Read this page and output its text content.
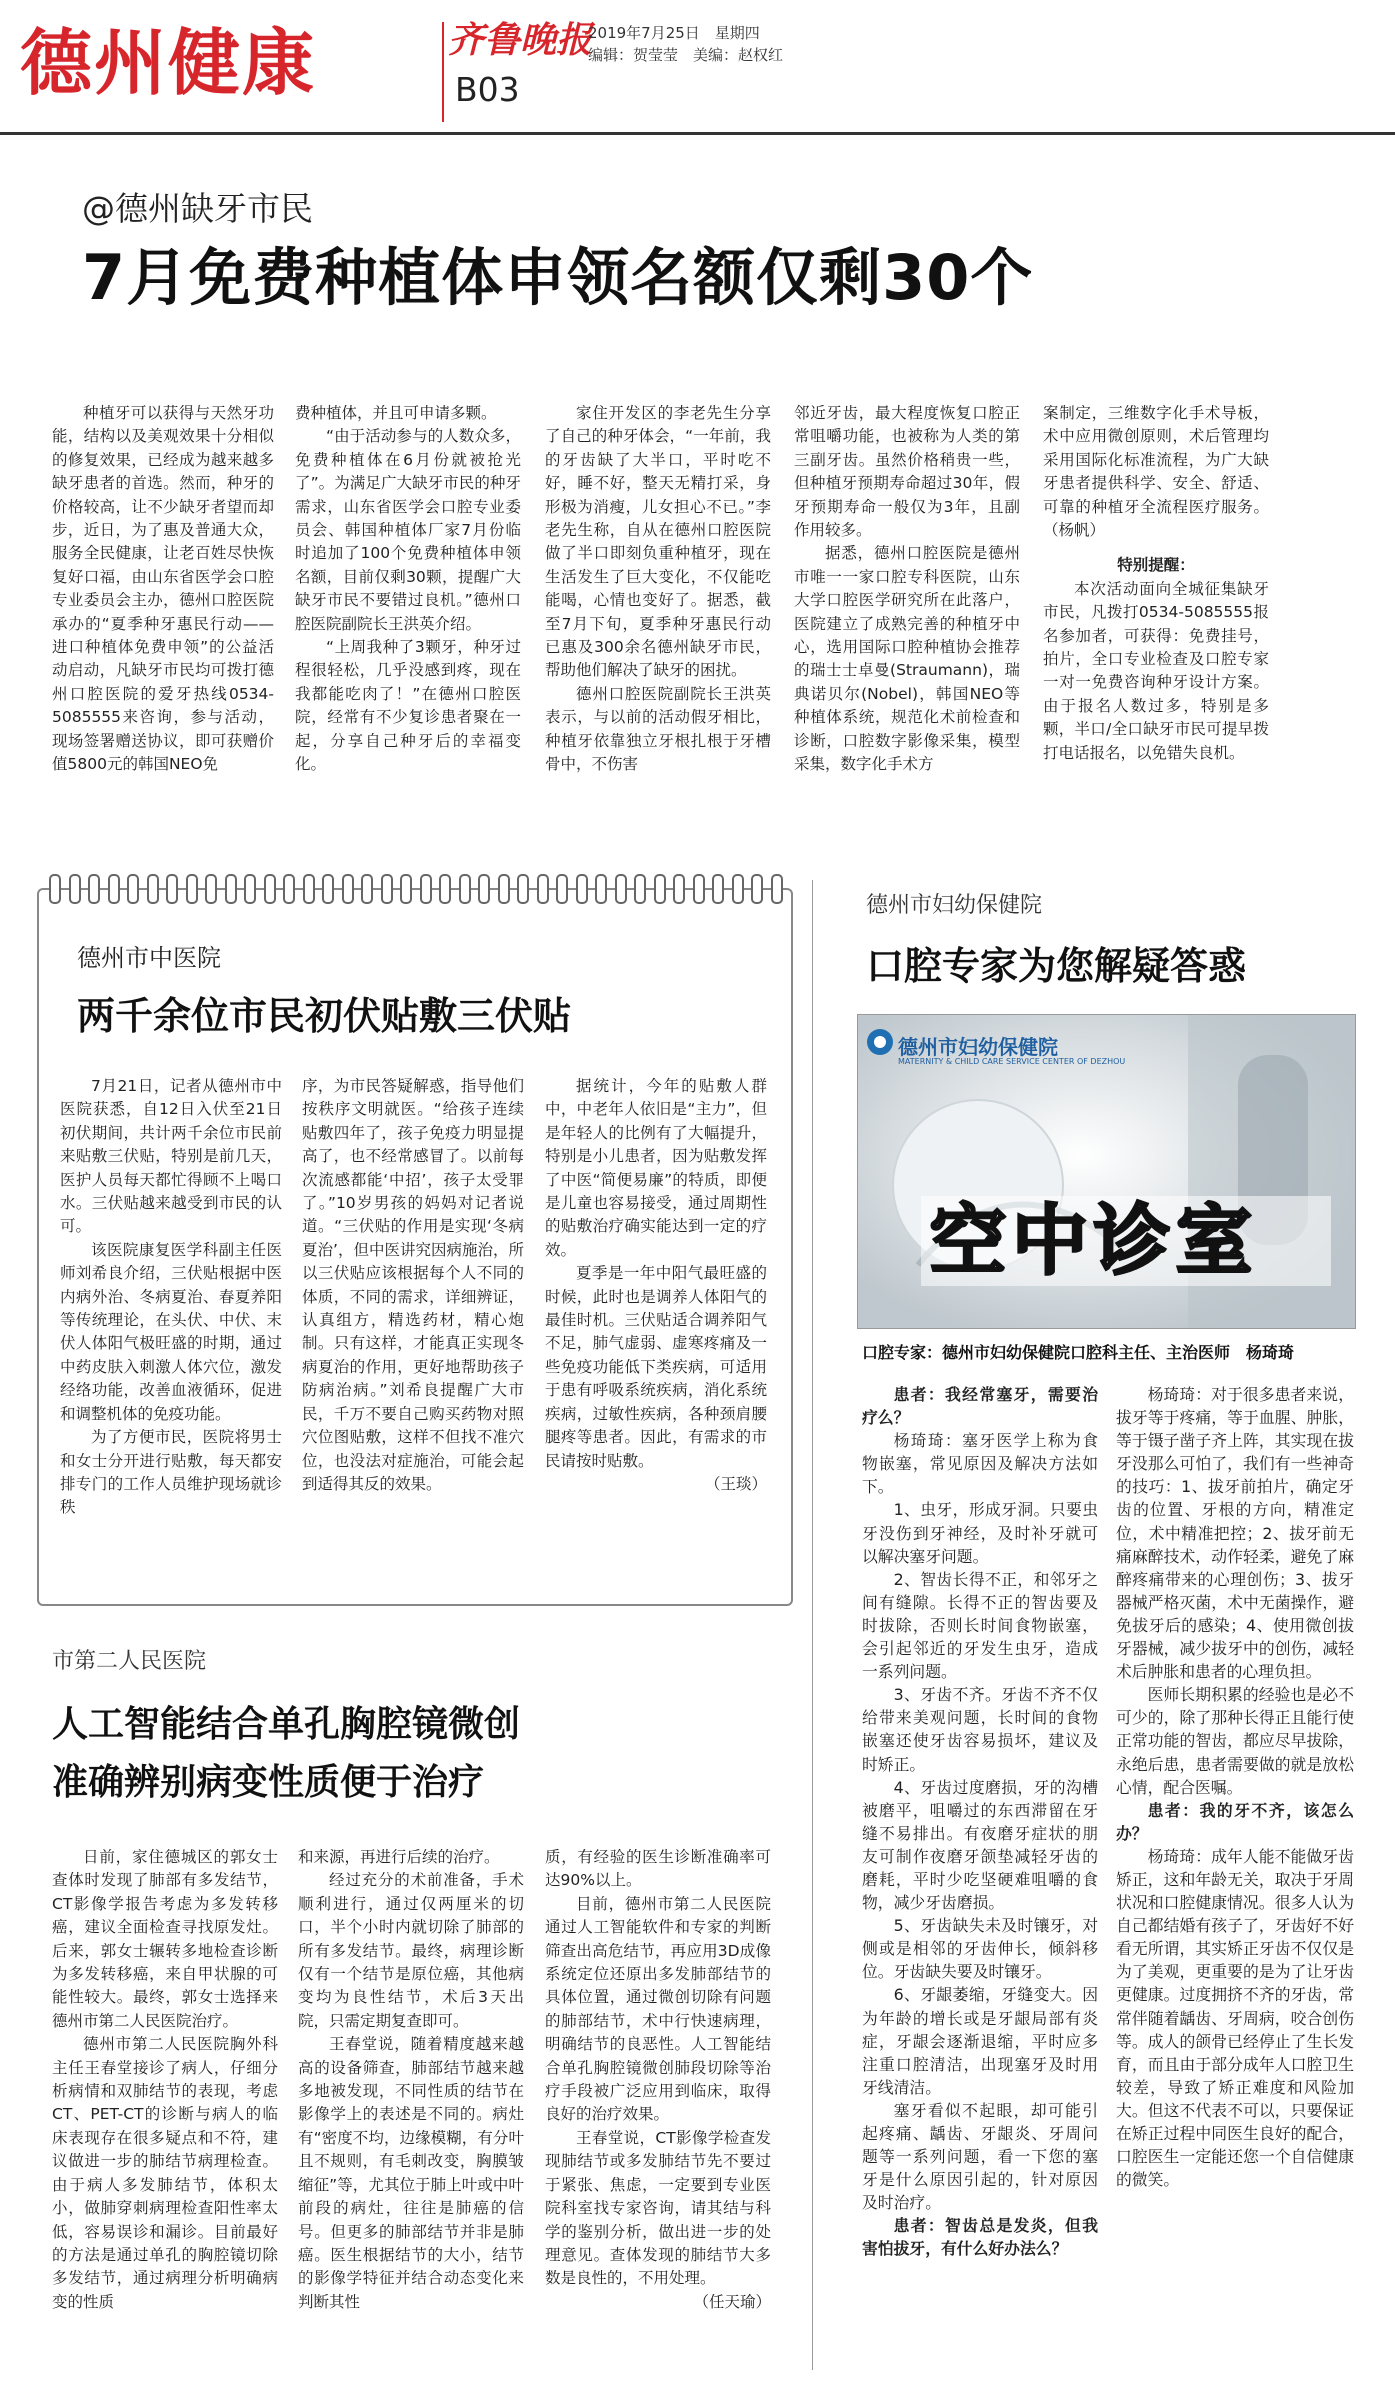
德州健康	齐鲁晚报
B03
2019年7月25日　星期四
编辑：贺莹莹　美编：赵权红
@德州缺牙市民
7月免费种植体申领名额仅剩30个

种植牙可以获得与天然牙功能，结构以及美观效果十分相似的修复效果，已经成为越来越多缺牙患者的首选。然而，种牙的价格较高，让不少缺牙者望而却步，近日，为了惠及普通大众，服务全民健康，让老百姓尽快恢复好口福，由山东省医学会口腔专业委员会主办，德州口腔医院承办的“夏季种牙惠民行动——进口种植体免费申领”的公益活动启动，凡缺牙市民均可拨打德州口腔医院的爱牙热线0534-5085555来咨询，参与活动，现场签署赠送协议，即可获赠价值5800元的韩国NEO免

费种植体，并且可申请多颗。

“由于活动参与的人数众多，免费种植体在6月份就被抢光了”。为满足广大缺牙市民的种牙需求，山东省医学会口腔专业委员会、韩国种植体厂家7月份临时追加了100个免费种植体申领名额，目前仅剩30颗，提醒广大缺牙市民不要错过良机。”德州口腔医院副院长王洪英介绍。

“上周我种了3颗牙，种牙过程很轻松，几乎没感到疼，现在我都能吃肉了！”在德州口腔医院，经常有不少复诊患者聚在一起，分享自己种牙后的幸福变化。

家住开发区的李老先生分享了自己的种牙体会，“一年前，我的牙齿缺了大半口，平时吃不好，睡不好，整天无精打采，身形极为消瘦，儿女担心不已。”李老先生称，自从在德州口腔医院做了半口即刻负重种植牙，现在生活发生了巨大变化，不仅能吃能喝，心情也变好了。据悉，截至7月下旬，夏季种牙惠民行动已惠及300余名德州缺牙市民，帮助他们解决了缺牙的困扰。

德州口腔医院副院长王洪英表示，与以前的活动假牙相比，种植牙依靠独立牙根扎根于牙槽骨中，不伤害

邻近牙齿，最大程度恢复口腔正常咀嚼功能，也被称为人类的第三副牙齿。虽然价格稍贵一些，但种植牙预期寿命超过30年，假牙预期寿命一般仅为3年，且副作用较多。

据悉，德州口腔医院是德州市唯一一家口腔专科医院，山东大学口腔医学研究所在此落户，医院建立了成熟完善的种植牙中心，选用国际口腔种植协会推荐的瑞士士卓曼(Straumann)，瑞典诺贝尔(Nobel)，韩国NEO等种植体系统，规范化术前检查和诊断，口腔数字影像采集，模型采集，数字化手术方

案制定，三维数字化手术导板，术中应用微创原则，术后管理均采用国际化标准流程，为广大缺牙患者提供科学、安全、舒适、可靠的种植牙全流程医疗服务。（杨帆）

特别提醒：

本次活动面向全城征集缺牙市民，凡拨打0534-5085555报名参加者，可获得：免费挂号，拍片，全口专业检查及口腔专家一对一免费咨询种牙设计方案。由于报名人数过多，特别是多颗，半口/全口缺牙市民可提早拨打电话报名，以免错失良机。

德州市中医院
两千余位市民初伏贴敷三伏贴

7月21日，记者从德州市中医院获悉，自12日入伏至21日初伏期间，共计两千余位市民前来贴敷三伏贴，特别是前几天，医护人员每天都忙得顾不上喝口水。三伏贴越来越受到市民的认可。

该医院康复医学科副主任医师刘希良介绍，三伏贴根据中医内病外治、冬病夏治、春夏养阳等传统理论，在头伏、中伏、末伏人体阳气极旺盛的时期，通过中药皮肤入刺激人体穴位，激发经络功能，改善血液循环，促进和调整机体的免疫功能。

为了方便市民，医院将男士和女士分开进行贴敷，每天都安排专门的工作人员维护现场就诊秩

序，为市民答疑解惑，指导他们按秩序文明就医。“给孩子连续贴敷四年了，孩子免疫力明显提高了，也不经常感冒了。以前每次流感都能‘中招’，孩子太受罪了。”10岁男孩的妈妈对记者说道。“三伏贴的作用是实现‘冬病夏治’，但中医讲究因病施治，所以三伏贴应该根据每个人不同的体质，不同的需求，详细辨证，认真组方，精选药材，精心炮制。只有这样，才能真正实现冬病夏治的作用，更好地帮助孩子防病治病。”刘希良提醒广大市民，千万不要自己购买药物对照穴位图贴敷，这样不但找不准穴位，也没法对症施治，可能会起到适得其反的效果。

据统计，今年的贴敷人群中，中老年人依旧是“主力”，但是年轻人的比例有了大幅提升，特别是小儿患者，因为贴敷发挥了中医“简便易廉”的特质，即便是儿童也容易接受，通过周期性的贴敷治疗确实能达到一定的疗效。

夏季是一年中阳气最旺盛的时候，此时也是调养人体阳气的最佳时机。三伏贴适合调养阳气不足，肺气虚弱、虚寒疼痛及一些免疫功能低下类疾病，可适用于患有呼吸系统疾病，消化系统疾病，过敏性疾病，各种颈肩腰腿疼等患者。因此，有需求的市民请按时贴敷。

（王琰）

市第二人民医院
人工智能结合单孔胸腔镜微创
准确辨别病变性质便于治疗

日前，家住德城区的郭女士查体时发现了肺部有多发结节，CT影像学报告考虑为多发转移癌，建议全面检查寻找原发灶。后来，郭女士辗转多地检查诊断为多发转移癌，来自甲状腺的可能性较大。最终，郭女士选择来德州市第二人民医院治疗。

德州市第二人民医院胸外科主任王春堂接诊了病人，仔细分析病情和双肺结节的表现，考虑CT、PET-CT的诊断与病人的临床表现存在很多疑点和不符，建议做进一步的肺结节病理检查。由于病人多发肺结节，体积太小，做肺穿刺病理检查阳性率太低，容易误诊和漏诊。目前最好的方法是通过单孔的胸腔镜切除多发结节，通过病理分析明确病变的性质

和来源，再进行后续的治疗。

经过充分的术前准备，手术顺利进行，通过仅两厘米的切口，半个小时内就切除了肺部的所有多发结节。最终，病理诊断仅有一个结节是原位癌，其他病变均为良性结节，术后3天出院，只需定期复查即可。

王春堂说，随着精度越来越高的设备筛查，肺部结节越来越多地被发现，不同性质的结节在影像学上的表述是不同的。病灶有“密度不均，边缘模糊，有分叶且不规则，有毛刺改变，胸膜皱缩征”等，尤其位于肺上叶或中叶前段的病灶，往往是肺癌的信号。但更多的肺部结节并非是肺癌。医生根据结节的大小，结节的影像学特征并结合动态变化来判断其性

质，有经验的医生诊断准确率可达90%以上。

目前，德州市第二人民医院通过人工智能软件和专家的判断筛查出高危结节，再应用3D成像系统定位还原出多发肺部结节的具体位置，通过微创切除有问题的肺部结节，术中行快速病理，明确结节的良恶性。人工智能结合单孔胸腔镜微创肺段切除等治疗手段被广泛应用到临床，取得良好的治疗效果。

王春堂说，CT影像学检查发现肺结节或多发肺结节先不要过于紧张、焦虑，一定要到专业医院科室找专家咨询，请其结与科学的鉴别分析，做出进一步的处理意见。查体发现的肺结节大多数是良性的，不用处理。

（任天瑜）

德州市妇幼保健院
口腔专家为您解疑答惑
德州市妇幼保健院
MATERNITY & CHILD CARE SERVICE CENTER OF DEZHOU
空中诊室
口腔专家：德州市妇幼保健院口腔科主任、主治医师　杨琦琦

患者：我经常塞牙，需要治疗么？

杨琦琦：塞牙医学上称为食物嵌塞，常见原因及解决方法如下。

1、虫牙，形成牙洞。只要虫牙没伤到牙神经，及时补牙就可以解决塞牙问题。

2、智齿长得不正，和邻牙之间有缝隙。长得不正的智齿要及时拔除，否则长时间食物嵌塞，会引起邻近的牙发生虫牙，造成一系列问题。

3、牙齿不齐。牙齿不齐不仅给带来美观问题，长时间的食物嵌塞还使牙齿容易损坏，建议及时矫正。

4、牙齿过度磨损，牙的沟槽被磨平，咀嚼过的东西滞留在牙缝不易排出。有夜磨牙症状的朋友可制作夜磨牙颌垫减轻牙齿的磨耗，平时少吃坚硬难咀嚼的食物，减少牙齿磨损。

5、牙齿缺失未及时镶牙，对侧或是相邻的牙齿伸长，倾斜移位。牙齿缺失要及时镶牙。

6、牙龈萎缩，牙缝变大。因为年龄的增长或是牙龈局部有炎症，牙龈会逐渐退缩，平时应多注重口腔清洁，出现塞牙及时用牙线清洁。

塞牙看似不起眼，却可能引起疼痛、龋齿、牙龈炎、牙周问题等一系列问题，看一下您的塞牙是什么原因引起的，针对原因及时治疗。

患者：智齿总是发炎，但我害怕拔牙，有什么好办法么？

杨琦琦：对于很多患者来说，拔牙等于疼痛，等于血腥、肿胀，等于镊子凿子齐上阵，其实现在拔牙没那么可怕了，我们有一些神奇的技巧：1、拔牙前拍片，确定牙齿的位置、牙根的方向，精准定位，术中精准把控；2、拔牙前无痛麻醉技术，动作轻柔，避免了麻醉疼痛带来的心理创伤；3、拔牙器械严格灭菌，术中无菌操作，避免拔牙后的感染；4、使用微创拔牙器械，减少拔牙中的创伤，减轻术后肿胀和患者的心理负担。

医师长期积累的经验也是必不可少的，除了那种长得正且能行使正常功能的智齿，都应尽早拔除，永绝后患，患者需要做的就是放松心情，配合医嘱。

患者：我的牙不齐，该怎么办？

杨琦琦：成年人能不能做牙齿矫正，这和年龄无关，取决于牙周状况和口腔健康情况。很多人认为自己都结婚有孩子了，牙齿好不好看无所谓，其实矫正牙齿不仅仅是为了美观，更重要的是为了让牙齿更健康。过度拥挤不齐的牙齿，常常伴随着龋齿、牙周病，咬合创伤等。成人的颌骨已经停止了生长发育，而且由于部分成年人口腔卫生较差，导致了矫正难度和风险加大。但这不代表不可以，只要保证在矫正过程中同医生良好的配合，口腔医生一定能还您一个自信健康的微笑。
